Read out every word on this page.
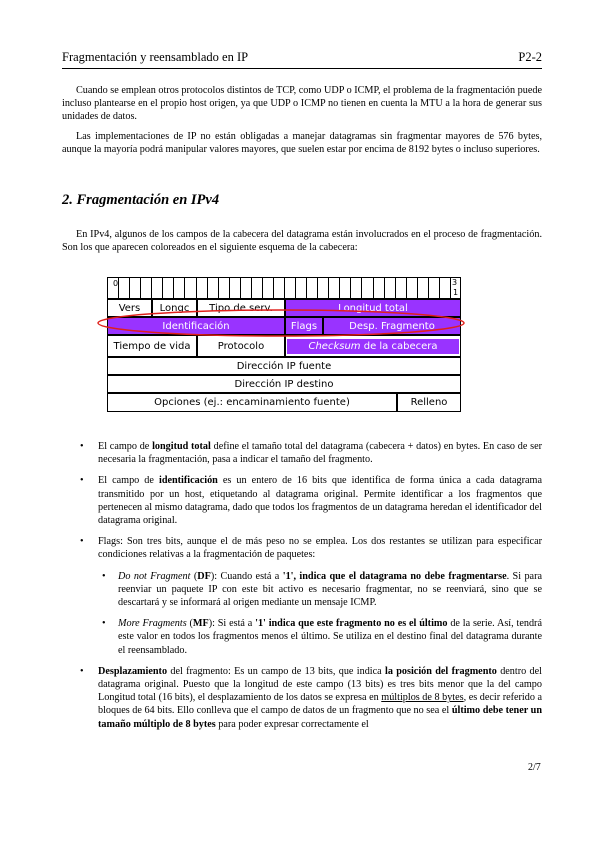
Fragmentación y reensamblado en IP	P2-2

Cuando se emplean otros protocolos distintos de TCP, como UDP o ICMP, el problema de la fragmentación puede incluso plantearse en el propio host origen, ya que UDP o ICMP no tienen en cuenta la MTU a la hora de generar sus unidades de datos.

Las implementaciones de IP no están obligadas a manejar datagramas sin fragmentar mayores de 576 bytes, aunque la mayoría podrá manipular valores mayores, que suelen estar por encima de 8192 bytes o incluso superiores.

2. Fragmentación en IPv4

En IPv4, algunos de los campos de la cabecera del datagrama están involucrados en el proceso de fragmentación. Son los que aparecen coloreados en el siguiente esquema de la cabecera:

0	3
1
Vers	Longc	Tipo de serv.	Longitud total
Identificación	Flags	Desp. Fragmento
Tiempo de vida	Protocolo	Checksum de la cabecera
Dirección IP fuente
Dirección IP destino
Opciones (ej.: encaminamiento fuente)	Relleno
• El campo de longitud total define el tamaño total del datagrama (cabecera + datos) en bytes. En caso de ser necesaria la fragmentación, pasa a indicar el tamaño del fragmento.
• El campo de identificación es un entero de 16 bits que identifica de forma única a cada datagrama transmitido por un host, etiquetando al datagrama original. Permite identificar a los fragmentos que pertenecen al mismo datagrama, dado que todos los fragmentos de un datagrama heredan el identificador del datagrama original.
• Flags: Son tres bits, aunque el de más peso no se emplea. Los dos restantes se utilizan para especificar condiciones relativas a la fragmentación de paquetes:
• Do not Fragment (DF): Cuando está a '1', indica que el datagrama no debe fragmentarse. Si para reenviar un paquete IP con este bit activo es necesario fragmentar, no se reenviará, sino que se descartará y se informará al origen mediante un mensaje ICMP.
• More Fragments (MF): Si está a '1' indica que este fragmento no es el último de la serie. Así, tendrá este valor en todos los fragmentos menos el último. Se utiliza en el destino final del datagrama durante el reensamblado.
• Desplazamiento del fragmento: Es un campo de 13 bits, que indica la posición del fragmento dentro del datagrama original. Puesto que la longitud de este campo (13 bits) es tres bits menor que la del campo Longitud total (16 bits), el desplazamiento de los datos se expresa en múltiplos de 8 bytes, es decir referido a bloques de 64 bits. Ello conlleva que el campo de datos de un fragmento que no sea el último debe tener un tamaño múltiplo de 8 bytes para poder expresar correctamente el
2/7
